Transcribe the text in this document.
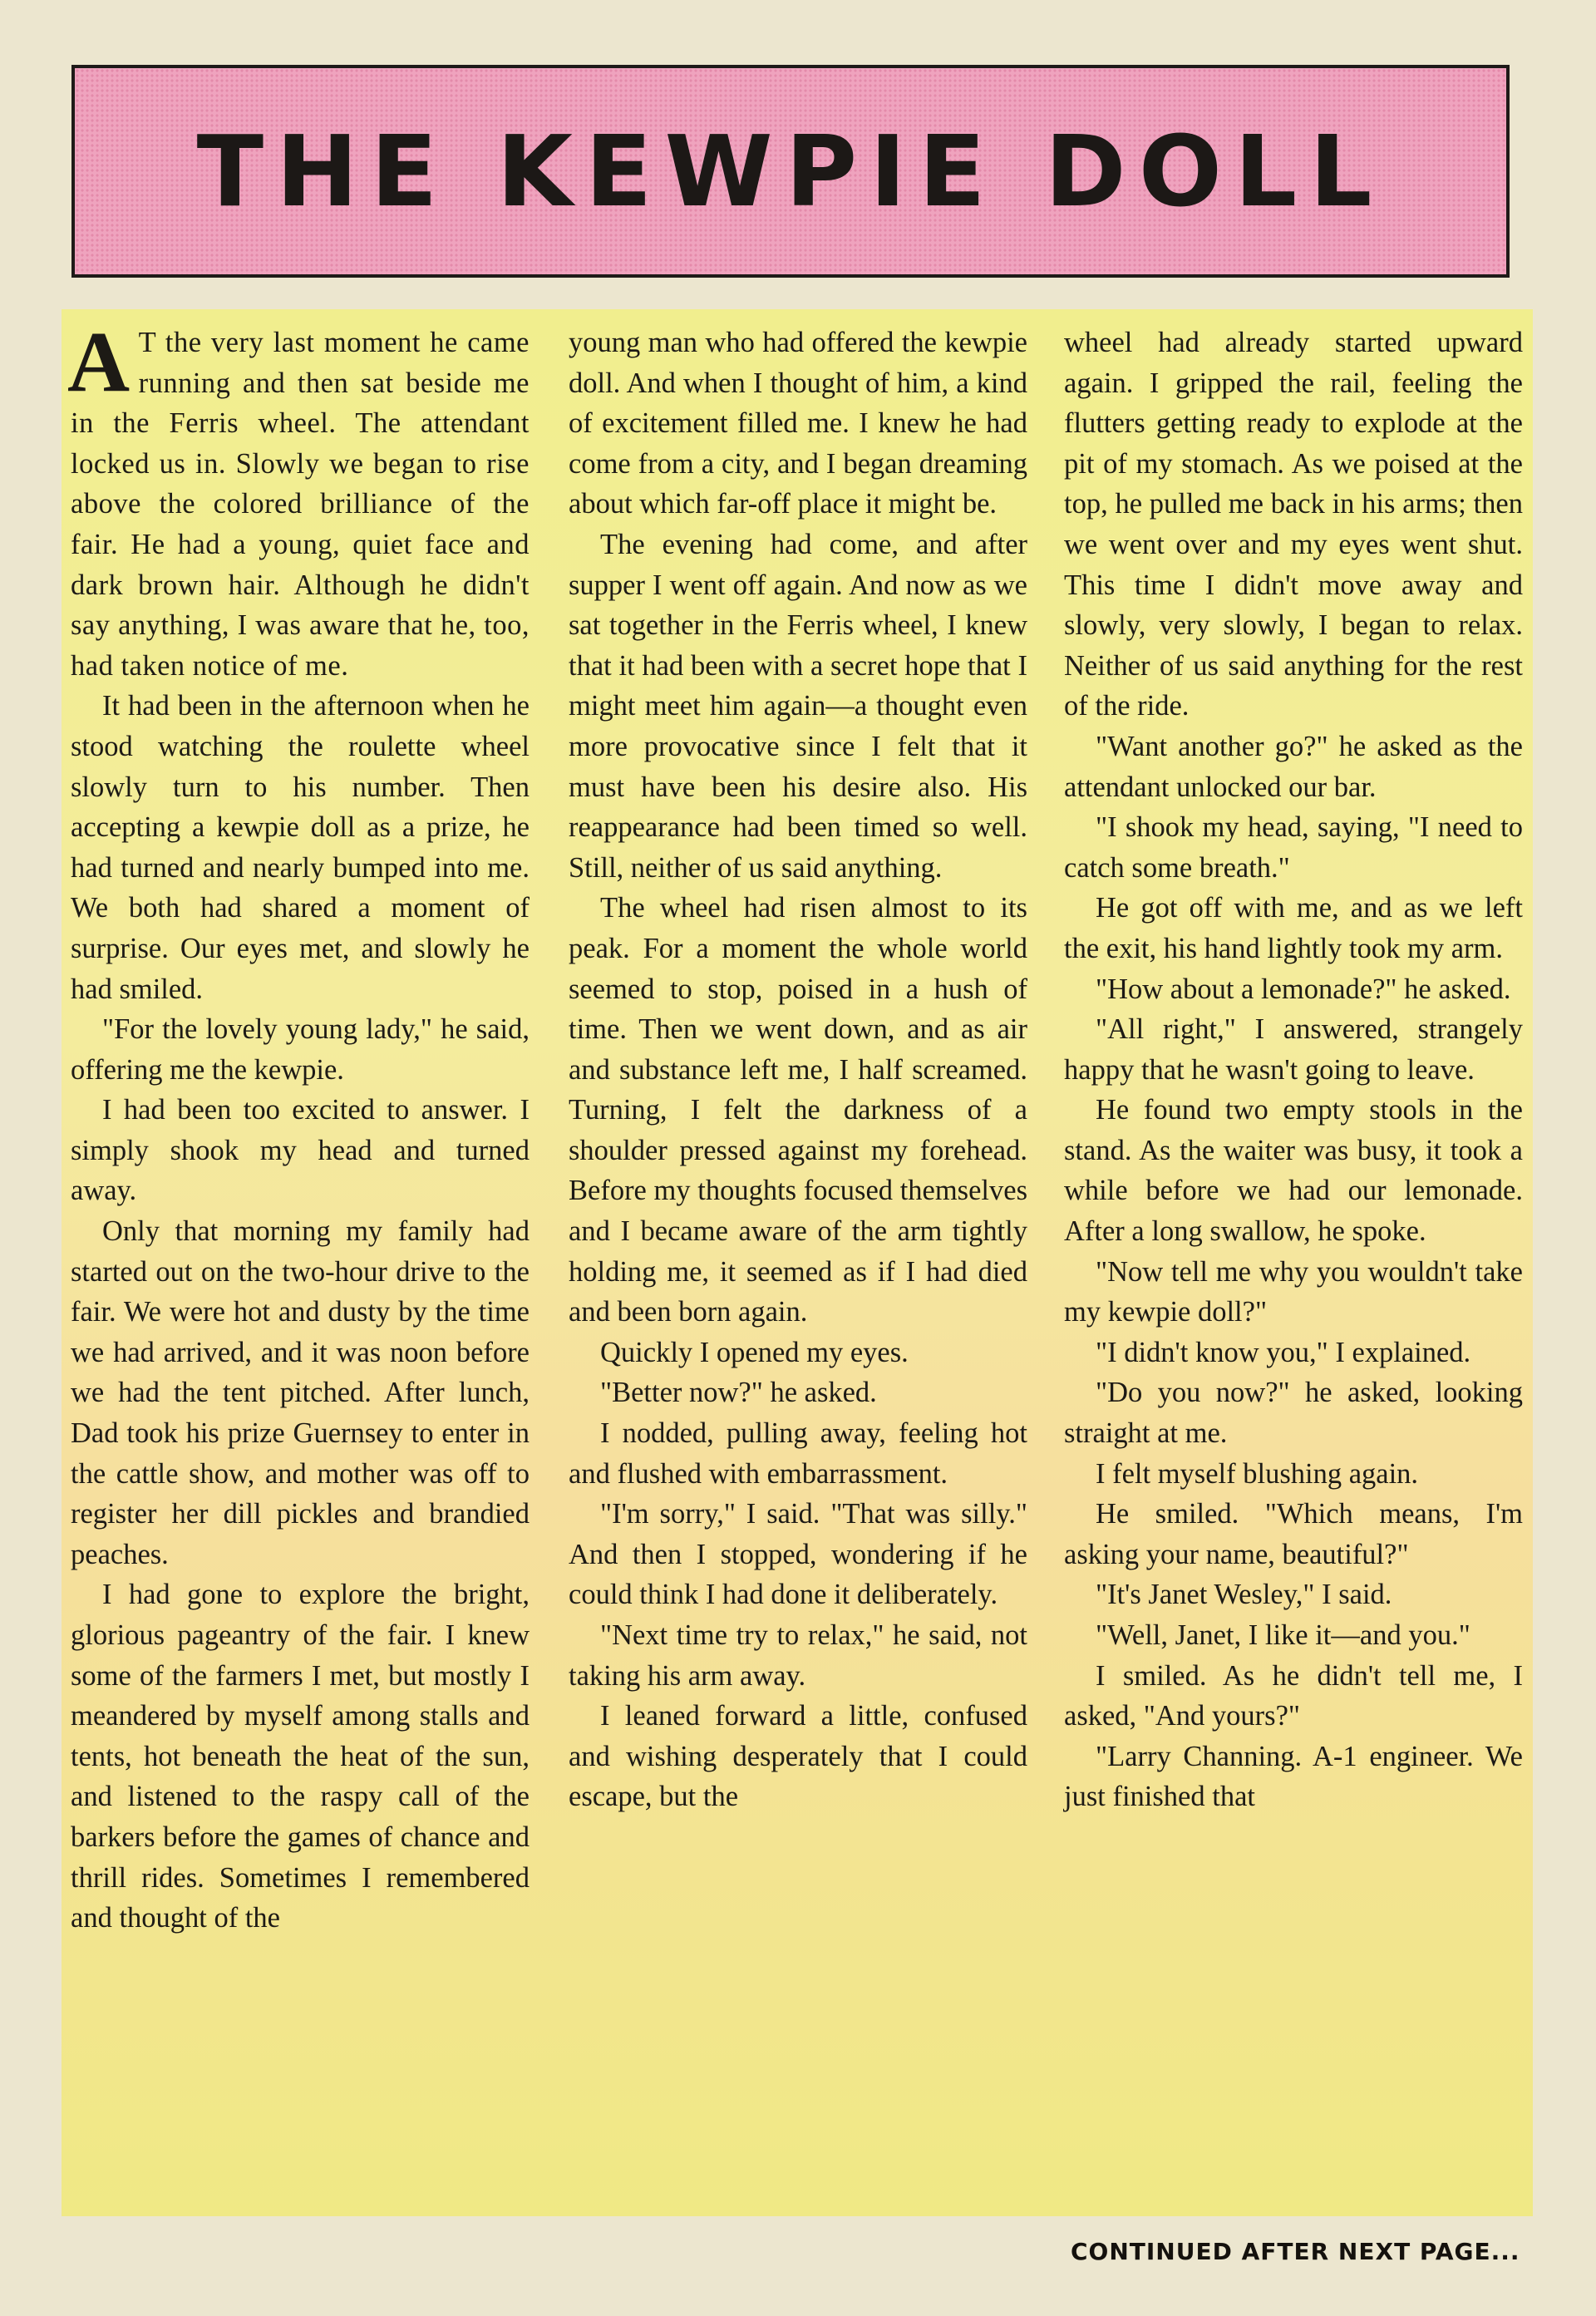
THE KEWPIE DOLL

A T the very last moment he came running and then sat beside me in the Ferris wheel. The attendant locked us in. Slowly we began to rise above the colored brilliance of the fair. He had a young, quiet face and dark brown hair. Although he didn't say anything, I was aware that he, too, had taken notice of me.

It had been in the afternoon when he stood watching the roulette wheel slowly turn to his number. Then accepting a kewpie doll as a prize, he had turned and nearly bumped into me. We both had shared a moment of surprise. Our eyes met, and slowly he had smiled.

"For the lovely young lady," he said, offering me the kewpie.

I had been too excited to answer. I simply shook my head and turned away.

Only that morning my family had started out on the two-hour drive to the fair. We were hot and dusty by the time we had arrived, and it was noon before we had the tent pitched. After lunch, Dad took his prize Guernsey to enter in the cattle show, and mother was off to register her dill pickles and brandied peaches.

I had gone to explore the bright, glorious pageantry of the fair. I knew some of the farmers I met, but mostly I meandered by myself among stalls and tents, hot beneath the heat of the sun, and listened to the raspy call of the barkers before the games of chance and thrill rides. Sometimes I remembered and thought of the

young man who had offered the kewpie doll. And when I thought of him, a kind of excitement filled me. I knew he had come from a city, and I began dreaming about which far-off place it might be.

The evening had come, and after supper I went off again. And now as we sat together in the Ferris wheel, I knew that it had been with a secret hope that I might meet him again—a thought even more provocative since I felt that it must have been his desire also. His reappearance had been timed so well. Still, neither of us said anything.

The wheel had risen almost to its peak. For a moment the whole world seemed to stop, poised in a hush of time. Then we went down, and as air and substance left me, I half screamed. Turning, I felt the darkness of a shoulder pressed against my forehead. Before my thoughts focused themselves and I became aware of the arm tightly holding me, it seemed as if I had died and been born again.

Quickly I opened my eyes.

"Better now?" he asked.

I nodded, pulling away, feeling hot and flushed with embarrassment.

"I'm sorry," I said. "That was silly." And then I stopped, wondering if he could think I had done it deliberately.

"Next time try to relax," he said, not taking his arm away.

I leaned forward a little, confused and wishing desperately that I could escape, but the

wheel had already started upward again. I gripped the rail, feeling the flutters getting ready to explode at the pit of my stomach. As we poised at the top, he pulled me back in his arms; then we went over and my eyes went shut. This time I didn't move away and slowly, very slowly, I began to relax. Neither of us said anything for the rest of the ride.

"Want another go?" he asked as the attendant unlocked our bar.

"I shook my head, saying, "I need to catch some breath."

He got off with me, and as we left the exit, his hand lightly took my arm.

"How about a lemonade?" he asked.

"All right," I answered, strangely happy that he wasn't going to leave.

He found two empty stools in the stand. As the waiter was busy, it took a while before we had our lemonade. After a long swallow, he spoke.

"Now tell me why you wouldn't take my kewpie doll?"

"I didn't know you," I explained.

"Do you now?" he asked, looking straight at me.

I felt myself blushing again.

He smiled. "Which means, I'm asking your name, beautiful?"

"It's Janet Wesley," I said.

"Well, Janet, I like it—and you."

I smiled. As he didn't tell me, I asked, "And yours?"

"Larry Channing. A-1 engineer. We just finished that

CONTINUED AFTER NEXT PAGE...
